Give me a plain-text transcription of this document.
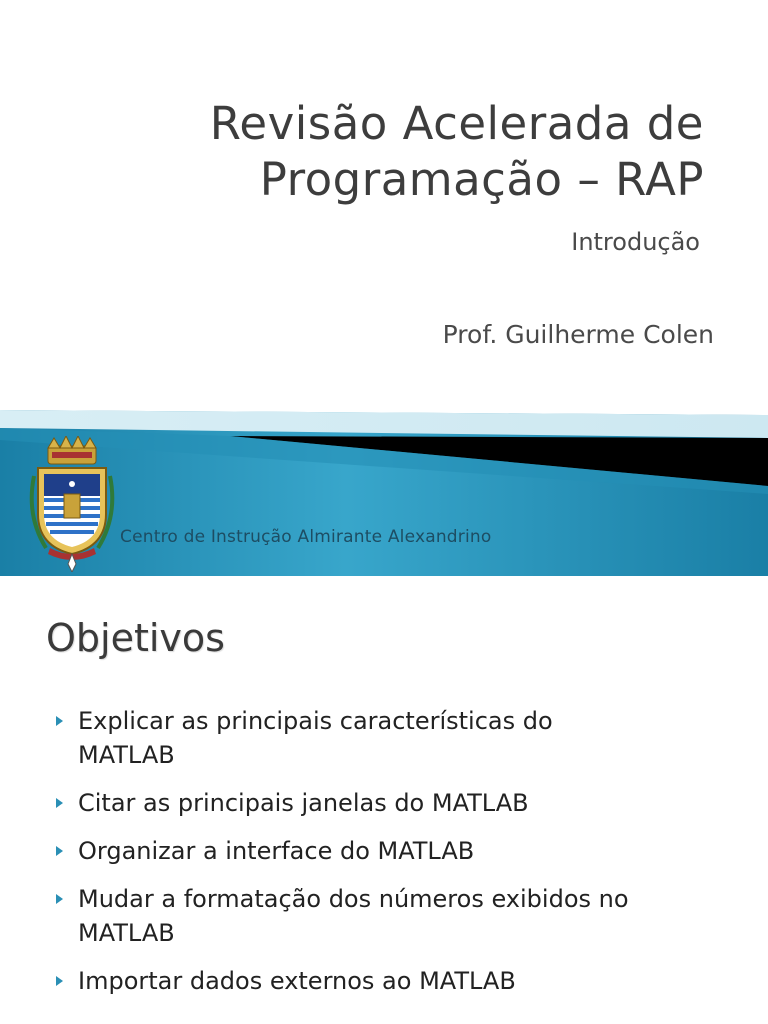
Revisão Acelerada de
Programação – RAP

Introdução

Prof. Guilherme Colen

Centro de Instrução Almirante Alexandrino

Objetivos
Explicar as principais características do
MATLAB
Citar as principais janelas do MATLAB
Organizar a interface do MATLAB
Mudar a formatação dos números exibidos no
MATLAB
Importar dados externos ao MATLAB
